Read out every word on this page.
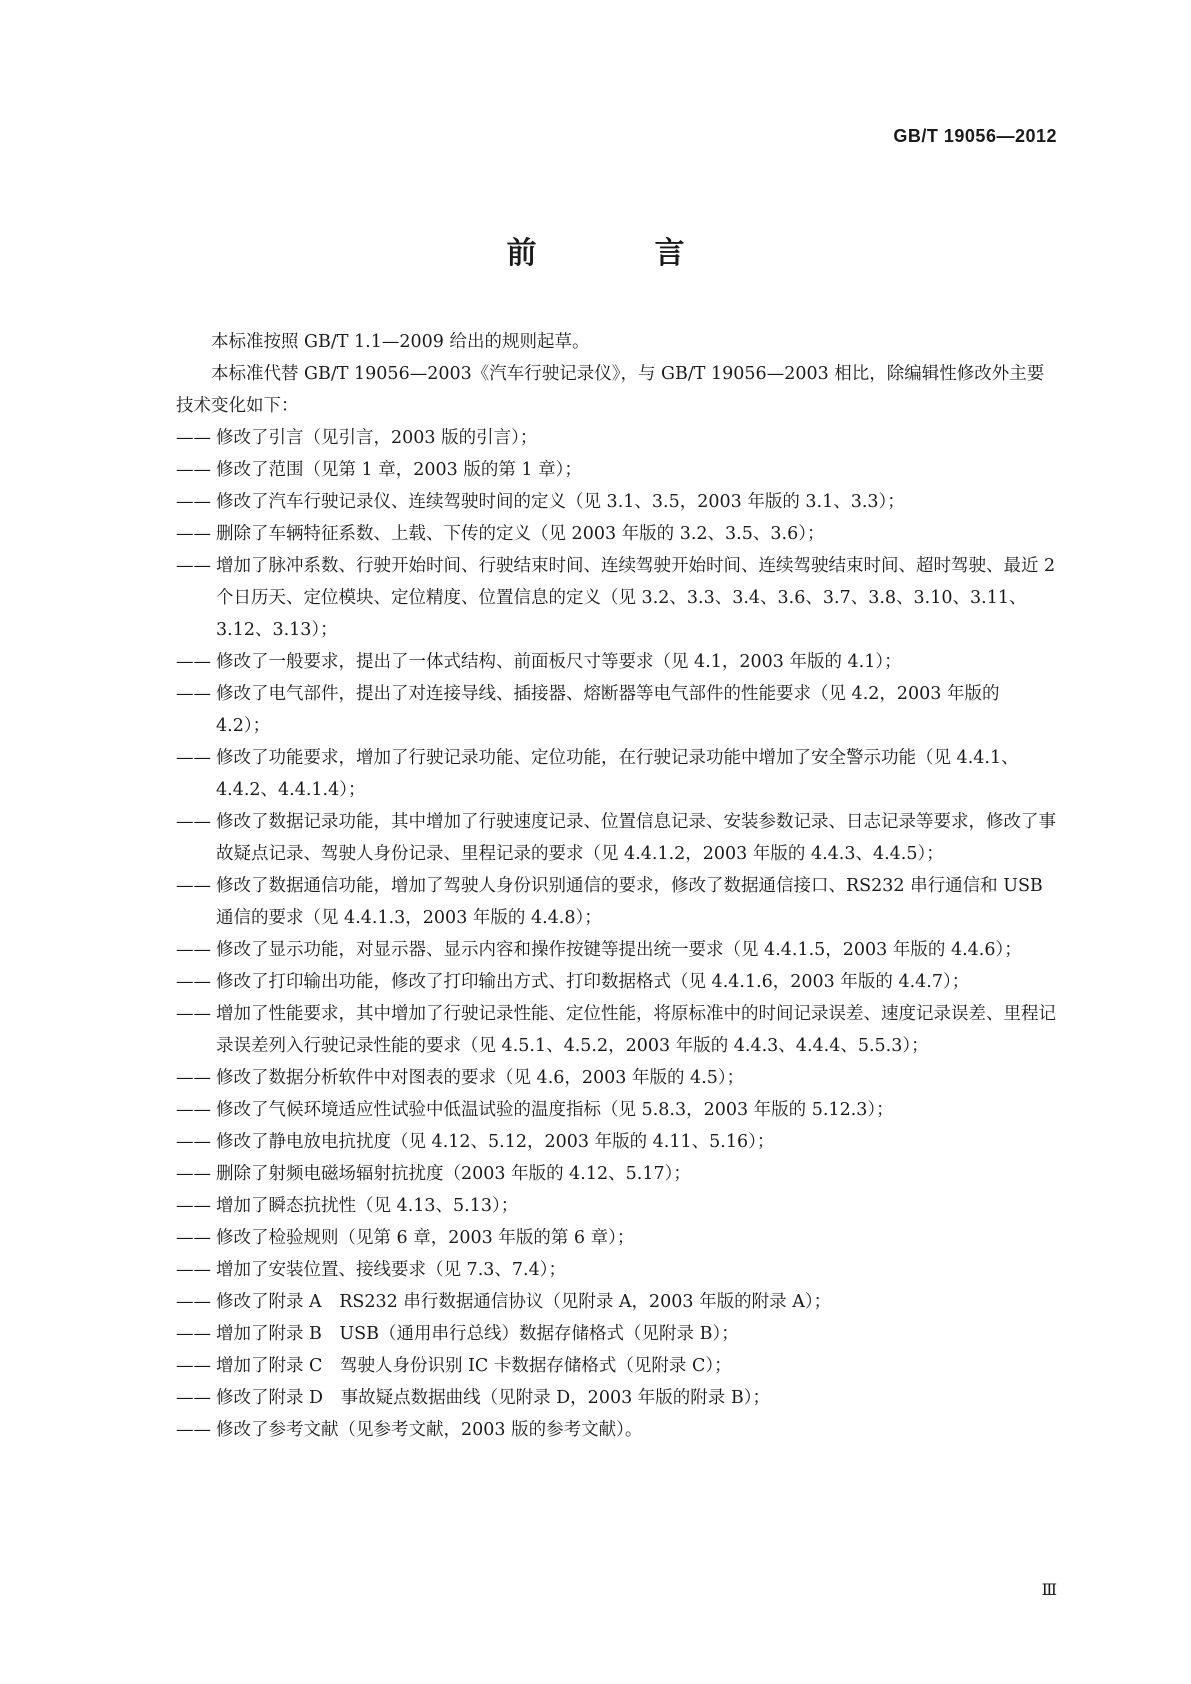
GB/T 19056—2012
前　言

本标准按照 GB/T 1.1—2009 给出的规则起草。

本标准代替 GB/T 19056—2003《汽车行驶记录仪》，与 GB/T 19056—2003 相比，除编辑性修改外主要技术变化如下：

—— 修改了引言（见引言，2003 版的引言）；
—— 修改了范围（见第 1 章，2003 版的第 1 章）；
—— 修改了汽车行驶记录仪、连续驾驶时间的定义（见 3.1、3.5，2003 年版的 3.1、3.3）；
—— 删除了车辆特征系数、上载、下传的定义（见 2003 年版的 3.2、3.5、3.6）；
—— 增加了脉冲系数、行驶开始时间、行驶结束时间、连续驾驶开始时间、连续驾驶结束时间、超时驾驶、最近 2 个日历天、定位模块、定位精度、位置信息的定义（见 3.2、3.3、3.4、3.6、3.7、3.8、3.10、3.11、3.12、3.13）；
—— 修改了一般要求，提出了一体式结构、前面板尺寸等要求（见 4.1，2003 年版的 4.1）；
—— 修改了电气部件，提出了对连接导线、插接器、熔断器等电气部件的性能要求（见 4.2，2003 年版的 4.2）；
—— 修改了功能要求，增加了行驶记录功能、定位功能，在行驶记录功能中增加了安全警示功能（见 4.4.1、4.4.2、4.4.1.4）；
—— 修改了数据记录功能，其中增加了行驶速度记录、位置信息记录、安装参数记录、日志记录等要求，修改了事故疑点记录、驾驶人身份记录、里程记录的要求（见 4.4.1.2，2003 年版的 4.4.3、4.4.5）；
—— 修改了数据通信功能，增加了驾驶人身份识别通信的要求，修改了数据通信接口、RS232 串行通信和 USB 通信的要求（见 4.4.1.3，2003 年版的 4.4.8）；
—— 修改了显示功能，对显示器、显示内容和操作按键等提出统一要求（见 4.4.1.5，2003 年版的 4.4.6）；
—— 修改了打印输出功能，修改了打印输出方式、打印数据格式（见 4.4.1.6，2003 年版的 4.4.7）；
—— 增加了性能要求，其中增加了行驶记录性能、定位性能，将原标准中的时间记录误差、速度记录误差、里程记录误差列入行驶记录性能的要求（见 4.5.1、4.5.2，2003 年版的 4.4.3、4.4.4、5.5.3）；
—— 修改了数据分析软件中对图表的要求（见 4.6，2003 年版的 4.5）；
—— 修改了气候环境适应性试验中低温试验的温度指标（见 5.8.3，2003 年版的 5.12.3）；
—— 修改了静电放电抗扰度（见 4.12、5.12，2003 年版的 4.11、5.16）；
—— 删除了射频电磁场辐射抗扰度（2003 年版的 4.12、5.17）；
—— 增加了瞬态抗扰性（见 4.13、5.13）；
—— 修改了检验规则（见第 6 章，2003 年版的第 6 章）；
—— 增加了安装位置、接线要求（见 7.3、7.4）；
—— 修改了附录 A　RS232 串行数据通信协议（见附录 A，2003 年版的附录 A）；
—— 增加了附录 B　USB（通用串行总线）数据存储格式（见附录 B）；
—— 增加了附录 C　驾驶人身份识别 IC 卡数据存储格式（见附录 C）；
—— 修改了附录 D　事故疑点数据曲线（见附录 D，2003 年版的附录 B）；
—— 修改了参考文献（见参考文献，2003 版的参考文献）。
Ⅲ
